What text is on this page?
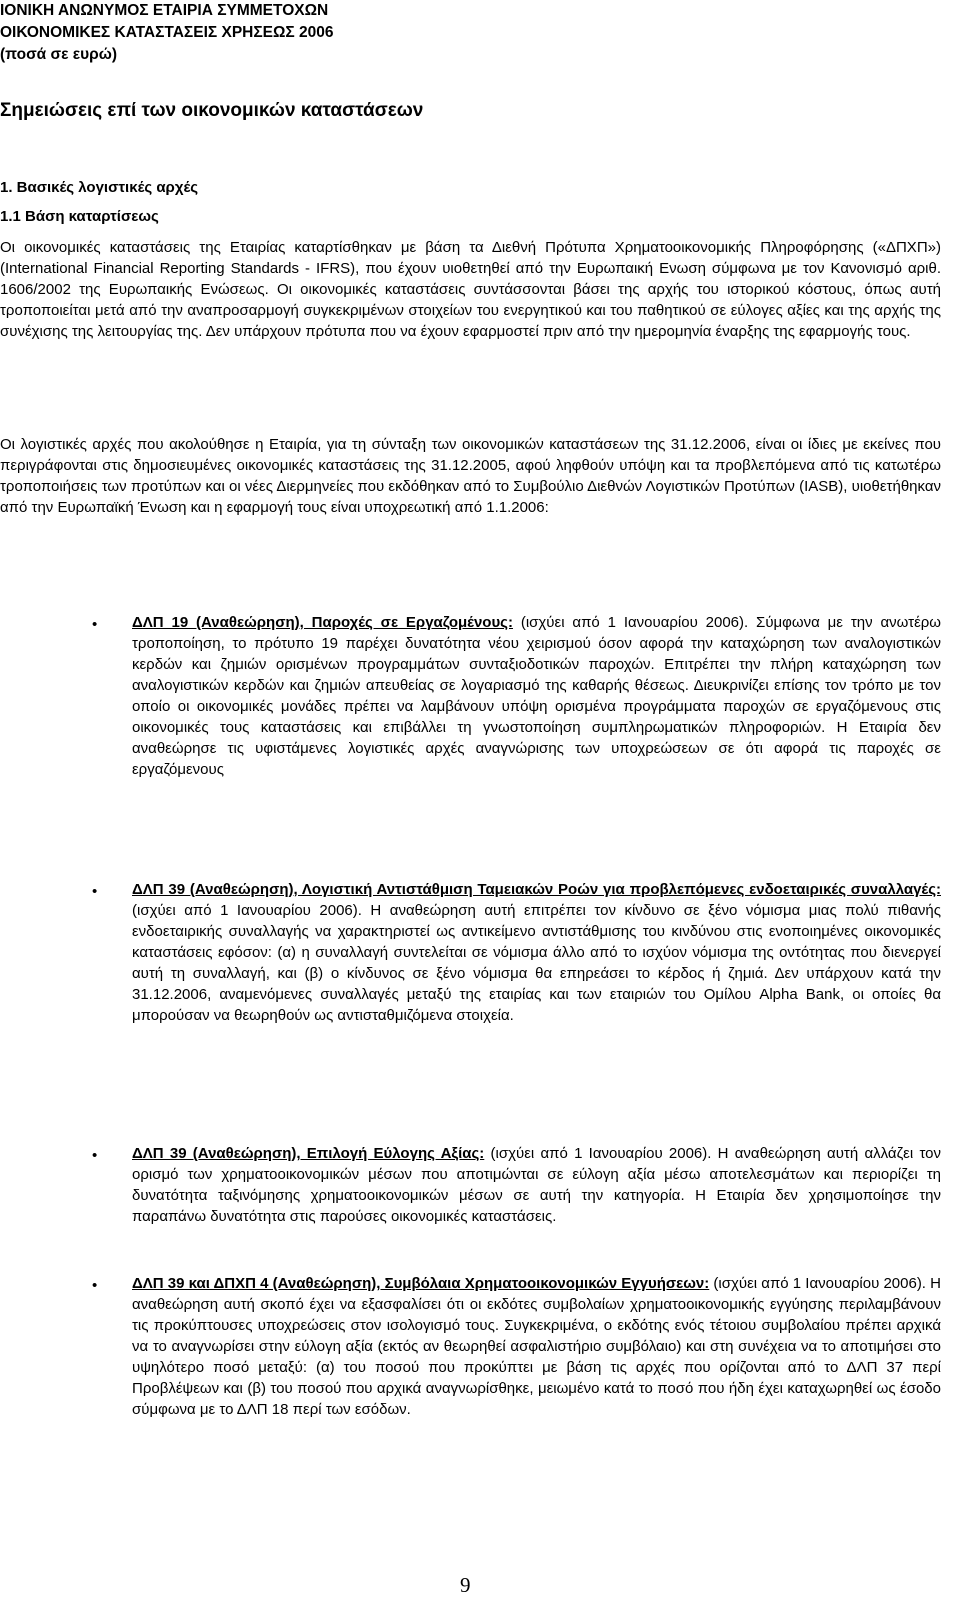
ΙΟΝΙΚΗ ΑΝΩΝΥΜΟΣ ΕΤΑΙΡΙΑ ΣΥΜΜΕΤΟΧΩΝ
ΟΙΚΟΝΟΜΙΚΕΣ ΚΑΤΑΣΤΑΣΕΙΣ ΧΡΗΣΕΩΣ 2006
(ποσά σε ευρώ)
Σημειώσεις επί των οικονομικών καταστάσεων
1. Βασικές λογιστικές αρχές
1.1 Βάση καταρτίσεως
Οι οικονομικές καταστάσεις της Εταιρίας καταρτίσθηκαν με βάση τα Διεθνή Πρότυπα Χρηματοοικονομικής Πληροφόρησης («ΔΠΧΠ») (International Financial Reporting Standards - IFRS), που έχουν υιοθετηθεί από την Ευρωπαική Ενωση σύμφωνα με τον Κανονισμό αριθ. 1606/2002 της Ευρωπαικής Ενώσεως. Οι οικονομικές καταστάσεις συντάσσονται βάσει της αρχής του ιστορικού κόστους, όπως αυτή τροποποιείται μετά από την αναπροσαρμογή συγκεκριμένων στοιχείων του ενεργητικού και του παθητικού σε εύλογες αξίες και της αρχής της συνέχισης της λειτουργίας της. Δεν υπάρχουν πρότυπα που να έχουν εφαρμοστεί πριν από την ημερομηνία έναρξης της εφαρμογής τους.
Οι λογιστικές αρχές που ακολούθησε η Εταιρία, για τη σύνταξη των οικονομικών καταστάσεων της 31.12.2006, είναι οι ίδιες με εκείνες που περιγράφονται στις δημοσιευμένες οικονομικές καταστάσεις της 31.12.2005, αφού ληφθούν υπόψη και τα προβλεπόμενα από τις κατωτέρω τροποποιήσεις των προτύπων και οι νέες Διερμηνείες που εκδόθηκαν από το Συμβούλιο Διεθνών Λογιστικών Προτύπων (IASB), υιοθετήθηκαν από την Ευρωπαϊκή Ένωση και η εφαρμογή τους είναι υποχρεωτική από 1.1.2006:
• ΔΛΠ 19 (Αναθεώρηση), Παροχές σε Εργαζομένους: (ισχύει από 1 Ιανουαρίου 2006). Σύμφωνα με την ανωτέρω τροποποίηση, το πρότυπο 19 παρέχει δυνατότητα νέου χειρισμού όσον αφορά την καταχώρηση των αναλογιστικών κερδών και ζημιών ορισμένων προγραμμάτων συνταξιοδοτικών παροχών. Επιτρέπει την πλήρη καταχώρηση των αναλογιστικών κερδών και ζημιών απευθείας σε λογαριασμό της καθαρής θέσεως. Διευκρινίζει επίσης τον τρόπο με τον οποίο οι οικονομικές μονάδες πρέπει να λαμβάνουν υπόψη ορισμένα προγράμματα παροχών σε εργαζόμενους στις οικονομικές τους καταστάσεις και επιβάλλει τη γνωστοποίηση συμπληρωματικών πληροφοριών. Η Εταιρία δεν αναθεώρησε τις υφιστάμενες λογιστικές αρχές αναγνώρισης των υποχρεώσεων σε ότι αφορά τις παροχές σε εργαζόμενους
• ΔΛΠ 39 (Αναθεώρηση), Λογιστική Αντιστάθμιση Ταμειακών Ροών για προβλεπόμενες ενδοεταιρικές συναλλαγές: (ισχύει από 1 Ιανουαρίου 2006). Η αναθεώρηση αυτή επιτρέπει τον κίνδυνο σε ξένο νόμισμα μιας πολύ πιθανής ενδοεταιρικής συναλλαγής να χαρακτηριστεί ως αντικείμενο αντιστάθμισης του κινδύνου στις ενοποιημένες οικονομικές καταστάσεις εφόσον: (α) η συναλλαγή συντελείται σε νόμισμα άλλο από το ισχύον νόμισμα της οντότητας που διενεργεί αυτή τη συναλλαγή, και (β) ο κίνδυνος σε ξένο νόμισμα θα επηρεάσει το κέρδος ή ζημιά. Δεν υπάρχουν κατά την 31.12.2006, αναμενόμενες συναλλαγές μεταξύ της εταιρίας και των εταιριών του Ομίλου Alpha Bank, οι οποίες θα μπορούσαν να θεωρηθούν ως αντισταθμιζόμενα στοιχεία.
• ΔΛΠ 39 (Αναθεώρηση), Επιλογή Εύλογης Αξίας: (ισχύει από 1 Ιανουαρίου 2006). Η αναθεώρηση αυτή αλλάζει τον ορισμό των χρηματοοικονομικών μέσων που αποτιμώνται σε εύλογη αξία μέσω αποτελεσμάτων και περιορίζει τη δυνατότητα ταξινόμησης χρηματοοικονομικών μέσων σε αυτή την κατηγορία. Η Εταιρία δεν χρησιμοποίησε την παραπάνω δυνατότητα στις παρούσες οικονομικές καταστάσεις.
• ΔΛΠ 39 και ΔΠΧΠ 4 (Αναθεώρηση), Συμβόλαια Χρηματοοικονομικών Εγγυήσεων: (ισχύει από 1 Ιανουαρίου 2006). Η αναθεώρηση αυτή σκοπό έχει να εξασφαλίσει ότι οι εκδότες συμβολαίων χρηματοοικονομικής εγγύησης περιλαμβάνουν τις προκύπτουσες υποχρεώσεις στον ισολογισμό τους. Συγκεκριμένα, ο εκδότης ενός τέτοιου συμβολαίου πρέπει αρχικά να το αναγνωρίσει στην εύλογη αξία (εκτός αν θεωρηθεί ασφαλιστήριο συμβόλαιο) και στη συνέχεια να το αποτιμήσει στο υψηλότερο ποσό μεταξύ: (α) του ποσού που προκύπτει με βάση τις αρχές που ορίζονται από το ΔΛΠ 37 περί Προβλέψεων και (β) του ποσού που αρχικά αναγνωρίσθηκε, μειωμένο κατά το ποσό που ήδη έχει καταχωρηθεί ως έσοδο σύμφωνα με το ΔΛΠ 18 περί των εσόδων.
9
